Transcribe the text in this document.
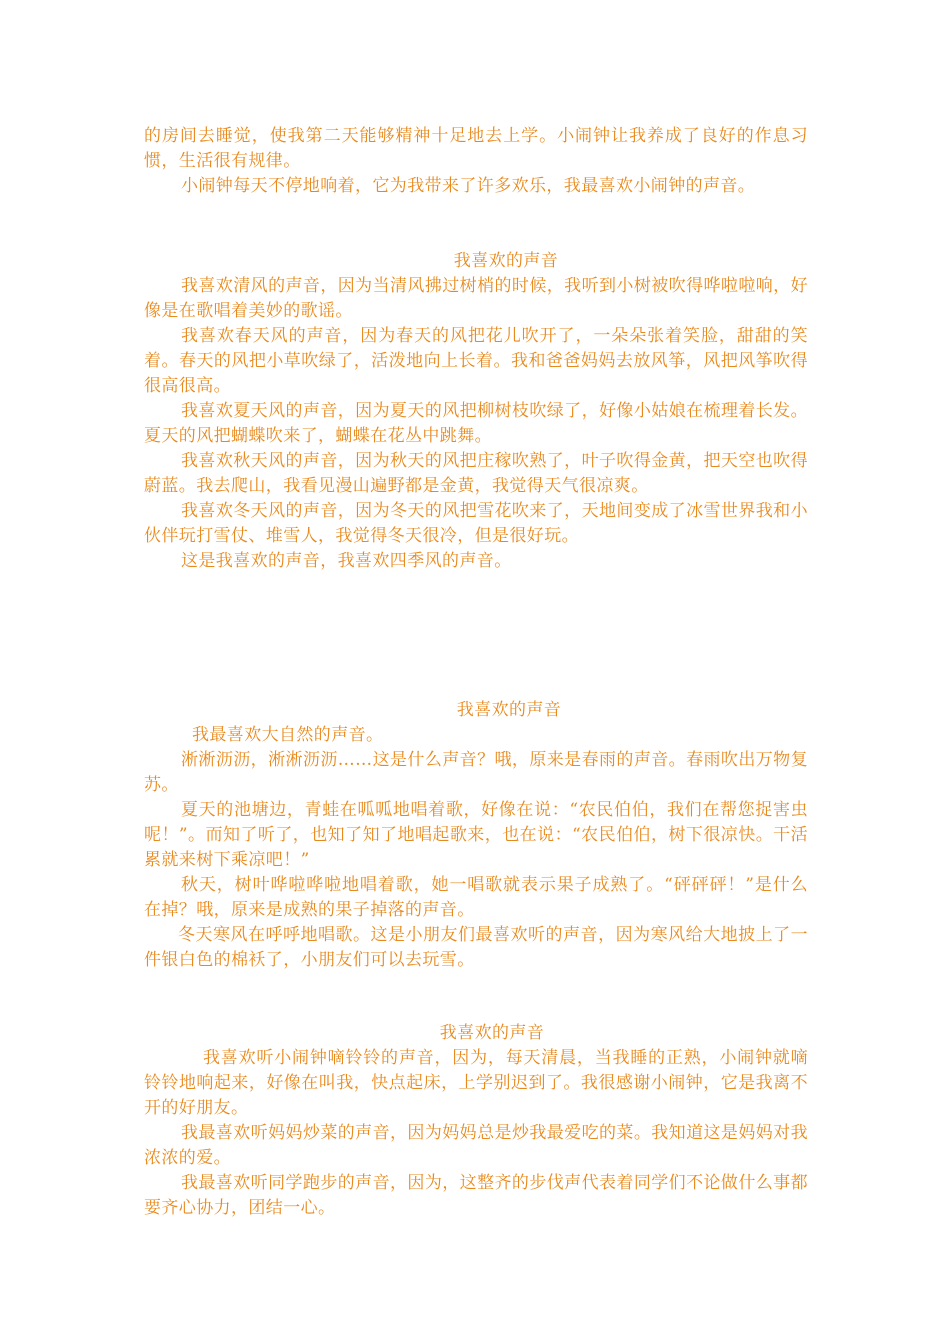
的房间去睡觉，使我第二天能够精神十足地去上学。小闹钟让我养成了良好的作息习惯，生活很有规律。

小闹钟每天不停地响着，它为我带来了许多欢乐，我最喜欢小闹钟的声音。

我喜欢的声音

我喜欢清风的声音，因为当清风拂过树梢的时候，我听到小树被吹得哗啦啦响，好像是在歌唱着美妙的歌谣。

我喜欢春天风的声音，因为春天的风把花儿吹开了，一朵朵张着笑脸，甜甜的笑着。春天的风把小草吹绿了，活泼地向上长着。我和爸爸妈妈去放风筝，风把风筝吹得很高很高。

我喜欢夏天风的声音，因为夏天的风把柳树枝吹绿了，好像小姑娘在梳理着长发。夏天的风把蝴蝶吹来了，蝴蝶在花丛中跳舞。

我喜欢秋天风的声音，因为秋天的风把庄稼吹熟了，叶子吹得金黄，把天空也吹得蔚蓝。我去爬山，我看见漫山遍野都是金黄，我觉得天气很凉爽。

我喜欢冬天风的声音，因为冬天的风把雪花吹来了，天地间变成了冰雪世界我和小伙伴玩打雪仗、堆雪人，我觉得冬天很冷，但是很好玩。

这是我喜欢的声音，我喜欢四季风的声音。

我喜欢的声音

我最喜欢大自然的声音。

淅淅沥沥，淅淅沥沥……这是什么声音？哦，原来是春雨的声音。春雨吹出万物复苏。

夏天的池塘边，青蛙在呱呱地唱着歌，好像在说：“农民伯伯，我们在帮您捉害虫呢！”。而知了听了，也知了知了地唱起歌来，也在说：“农民伯伯，树下很凉快。干活累就来树下乘凉吧！”

秋天，树叶哗啦哗啦地唱着歌，她一唱歌就表示果子成熟了。“砰砰砰！”是什么在掉？哦，原来是成熟的果子掉落的声音。

冬天寒风在呼呼地唱歌。这是小朋友们最喜欢听的声音，因为寒风给大地披上了一件银白色的棉袄了，小朋友们可以去玩雪。

我喜欢的声音

我喜欢听小闹钟嘀铃铃的声音，因为，每天清晨，当我睡的正熟，小闹钟就嘀铃铃地响起来，好像在叫我，快点起床，上学别迟到了。我很感谢小闹钟，它是我离不开的好朋友。

我最喜欢听妈妈炒菜的声音，因为妈妈总是炒我最爱吃的菜。我知道这是妈妈对我浓浓的爱。

我最喜欢听同学跑步的声音，因为，这整齐的步伐声代表着同学们不论做什么事都要齐心协力，团结一心。
